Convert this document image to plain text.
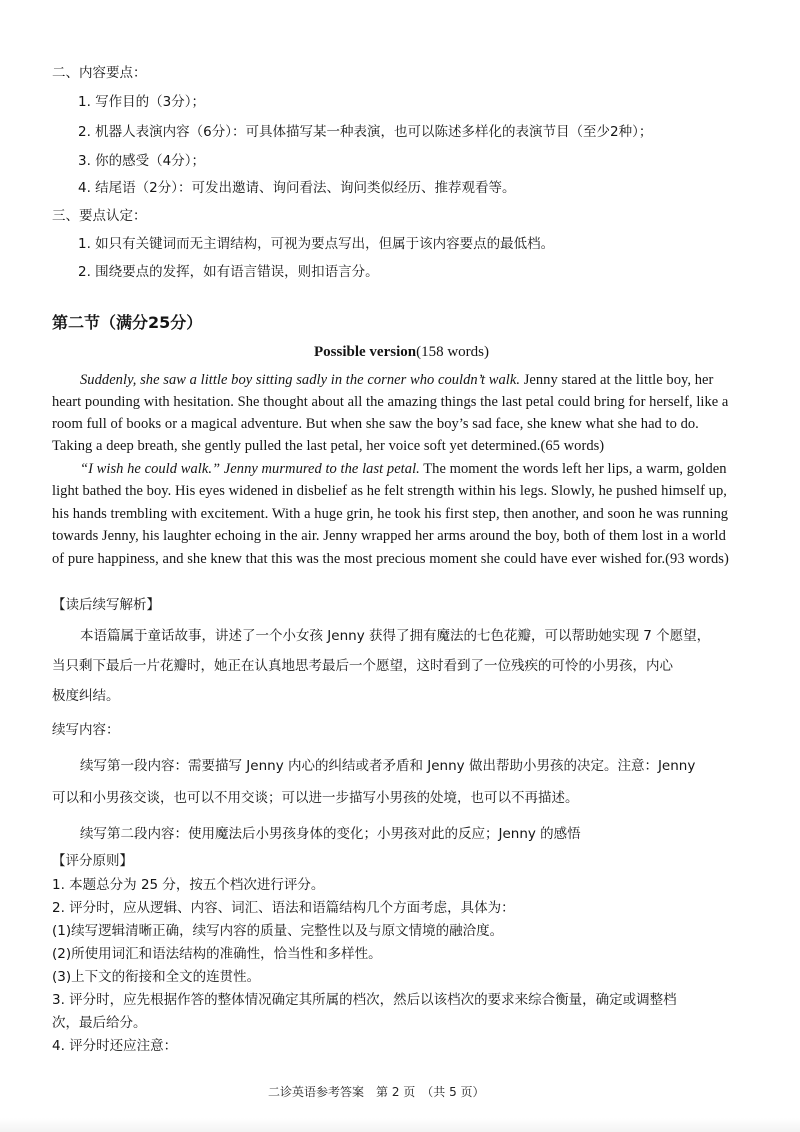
二、内容要点：
1. 写作目的（3分）；
2. 机器人表演内容（6分）：可具体描写某一种表演，也可以陈述多样化的表演节目（至少2种）；
3. 你的感受（4分）；
4. 结尾语（2分）：可发出邀请、询问看法、询问类似经历、推荐观看等。
三、要点认定：
1. 如只有关键词而无主谓结构，可视为要点写出，但属于该内容要点的最低档。
2. 围绕要点的发挥，如有语言错误，则扣语言分。
第二节（满分25分）
Possible version(158 words)
Suddenly, she saw a little boy sitting sadly in the corner who couldn’t walk. Jenny stared at the little boy, her
heart pounding with hesitation. She thought about all the amazing things the last petal could bring for herself, like a
room full of books or a magical adventure. But when she saw the boy’s sad face, she knew what she had to do.
Taking a deep breath, she gently pulled the last petal, her voice soft yet determined.(65 words)
“I wish he could walk.” Jenny murmured to the last petal. The moment the words left her lips, a warm, golden
light bathed the boy. His eyes widened in disbelief as he felt strength within his legs. Slowly, he pushed himself up,
his hands trembling with excitement. With a huge grin, he took his first step, then another, and soon he was running
towards Jenny, his laughter echoing in the air. Jenny wrapped her arms around the boy, both of them lost in a world
of pure happiness, and she knew that this was the most precious moment she could have ever wished for.(93 words)
【读后续写解析】
本语篇属于童话故事，讲述了一个小女孩 Jenny 获得了拥有魔法的七色花瓣，可以帮助她实现 7 个愿望，
当只剩下最后一片花瓣时，她正在认真地思考最后一个愿望，这时看到了一位残疾的可怜的小男孩，内心
极度纠结。
续写内容：
续写第一段内容：需要描写 Jenny 内心的纠结或者矛盾和 Jenny 做出帮助小男孩的决定。注意：Jenny
可以和小男孩交谈，也可以不用交谈；可以进一步描写小男孩的处境，也可以不再描述。
续写第二段内容：使用魔法后小男孩身体的变化；小男孩对此的反应；Jenny 的感悟
【评分原则】
1. 本题总分为 25 分，按五个档次进行评分。
2. 评分时，应从逻辑、内容、词汇、语法和语篇结构几个方面考虑，具体为：
(1)续写逻辑清晰正确，续写内容的质量、完整性以及与原文情境的融洽度。
(2)所使用词汇和语法结构的准确性，恰当性和多样性。
(3)上下文的衔接和全文的连贯性。
3. 评分时，应先根据作答的整体情况确定其所属的档次，然后以该档次的要求来综合衡量，确定或调整档
次，最后给分。
4. 评分时还应注意：
二诊英语参考答案　第 2 页　（共 5 页）
